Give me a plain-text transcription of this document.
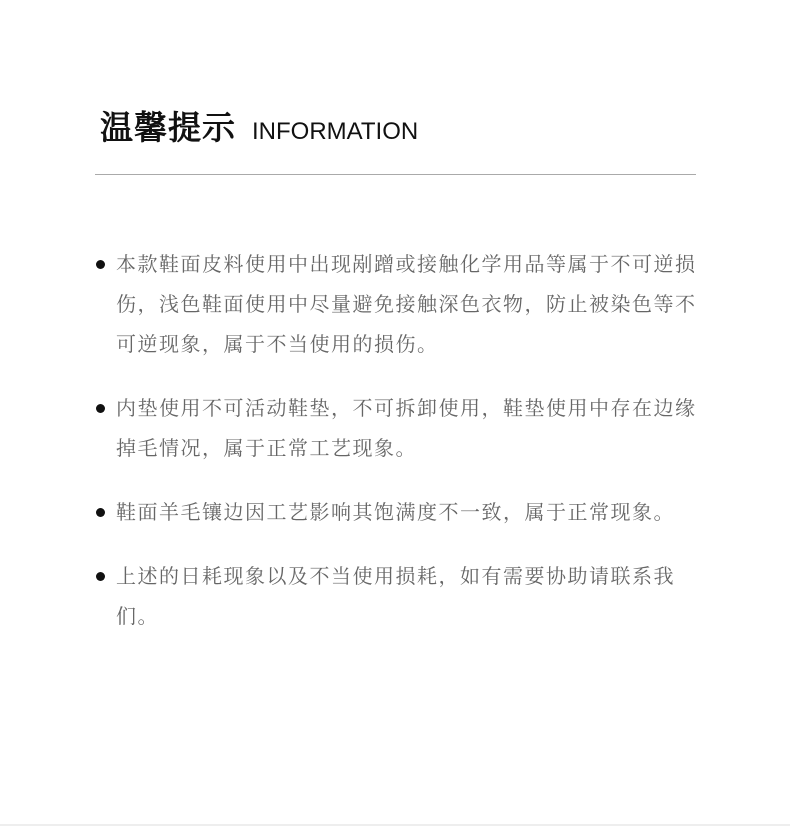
温馨提示 INFORMATION
本款鞋面皮料使用中出现剐蹭或接触化学用品等属于不可逆损伤，浅色鞋面使用中尽量避免接触深色衣物，防止被染色等不可逆现象，属于不当使用的损伤。
内垫使用不可活动鞋垫，不可拆卸使用，鞋垫使用中存在边缘掉毛情况，属于正常工艺现象。
鞋面羊毛镶边因工艺影响其饱满度不一致，属于正常现象。
上述的日耗现象以及不当使用损耗，如有需要协助请联系我们。
